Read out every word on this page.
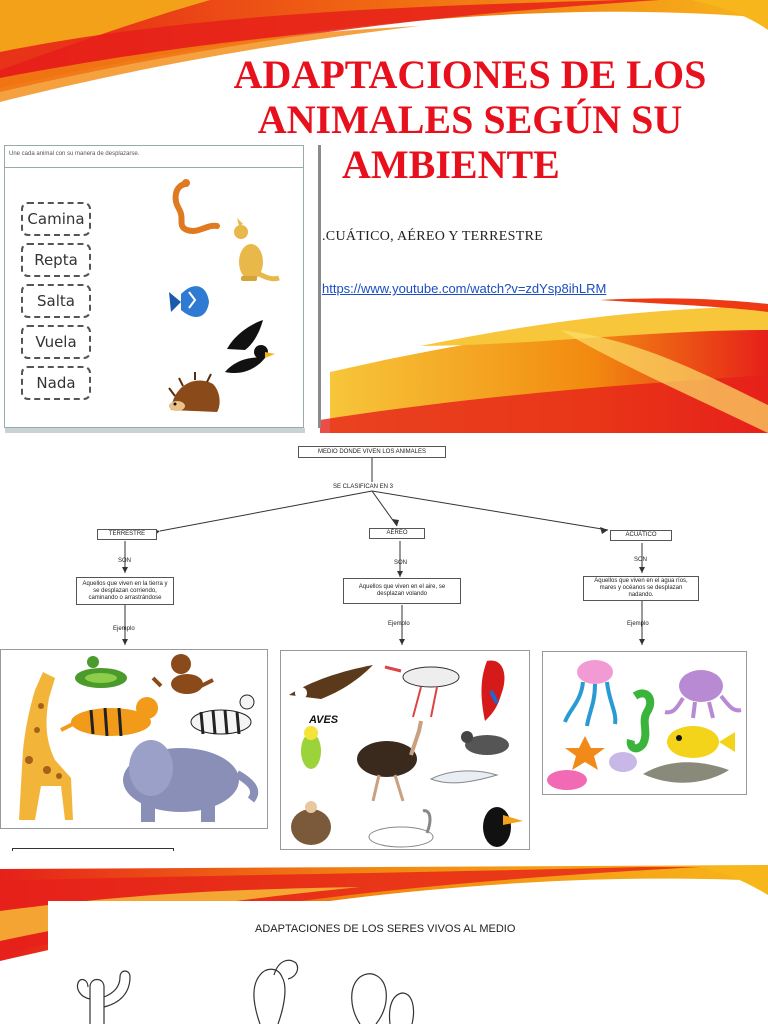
ADAPTACIONES DE LOS
ANIMALES SEGÚN SU
AMBIENTE
.CUÁTICO, AÉREO Y TERRESTRE
https://www.youtube.com/watch?v=zdYsp8ihLRM
Une cada animal con su manera de desplazarse.
Camina
Repta
Salta
Vuela
Nada
MEDIO DONDE VIVEN LOS ANIMALES
SE CLASIFICAN EN 3
TERRESTRE	AÉREO	ACUÁTICO
SON	SON	SON
Aquellos que viven en la tierra y se desplazan corriendo, caminando o arrastrándose
Aquellos que viven en el aire, se desplazan volando
Aquellos que viven en el agua ríos, mares y océanos se desplazan nadando.
Ejemplo
Ejemplo	Ejemplo
AVES
ADAPTACIONES DE LOS SERES VIVOS AL MEDIO
